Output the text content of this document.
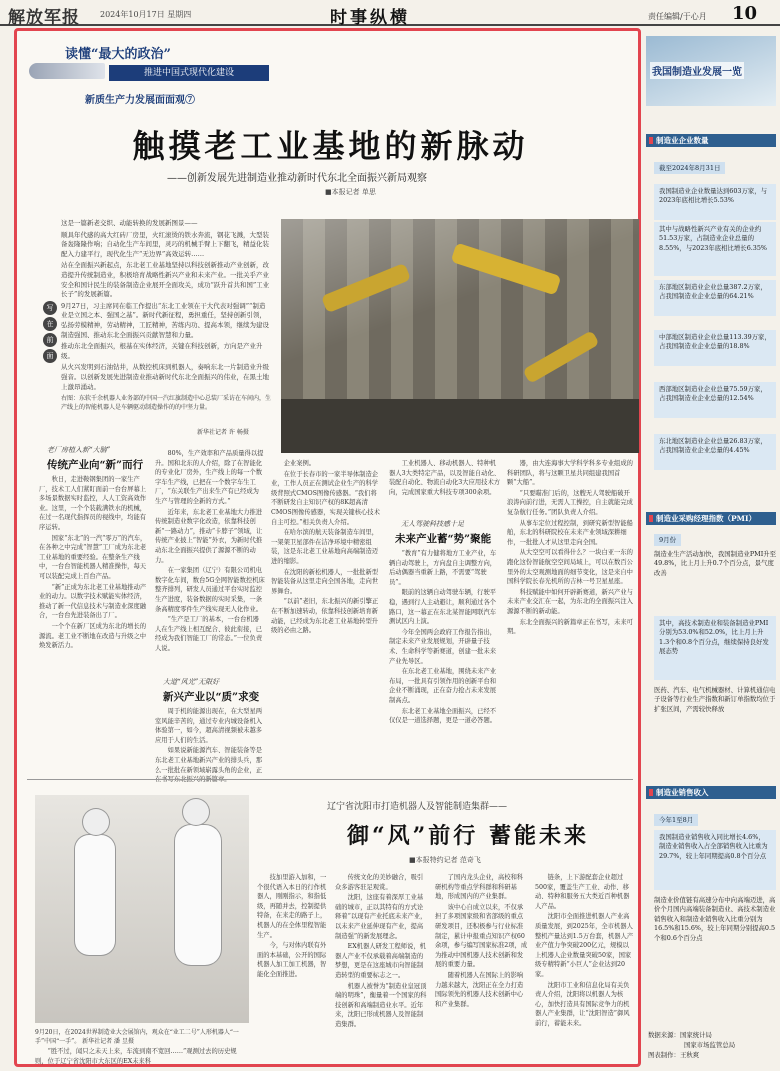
解放军报	2024年10月17日 星期四	时事纵横	责任编辑/于心月 10
读懂“最大的政治”
推进中国式现代化建设
新质生产力发展面面观⑦
触摸老工业基地的新脉动
——创新发展先进制造业推动新时代东北全面振兴新局观察
■本报记者 单思
写
在
前
面

这是一篇新老交织、动能转换的发展新图景——

顺具年代感的高大红砖厂房里，火红滚烫的铁水奔流，钢花飞溅，大型装备轰隆隆作响；自动化生产车间里，灵巧的机械手臂上下翻飞，精益化装配入力建平行，现代化生产“无边界”高效运转……

站在全面振兴新起点，东北老工业基地坚持以科技创新推动产业创新，改造提升传统制造业，积极培育战略性新兴产业和未来产业。一批关乎产业安全和国计民生的装备制造企业展开全面攻关，成功“跃升首共和国”工业长子”的发展新篇。

9月27日，习主席同在临工作提出“东北工业领在干大代表对强调”“制造业是立国之本、强国之基”。新时代新征程，勇担重任，坚持创新引领，弘扬劳模精神，劳动精神，工匠精神，苦练内功、提高本领，继续为建设制造强国、推动东北全面振兴贡献智慧和力量。

推动东北全面振兴，根基在实体经济，关键在科技创新，方向是产业升级。

从火兴发明到石油钻井，从数控机床到机器人，奏响东北一片制造业升级强音。以创新发展先进制造业推动新时代东北全面振兴的伟业，在黑土地上激昂涌动。

右图：东软千余机器人业务部的中国一汽红旗制造中心总装厂采访在车间内，生产线上的智能机器人是车辆驱动制造操作的的中坚力量。
新华社记者 许 畅摄
老厂房植入新“大脑”
传统产业向“新”而行

秋日，走进鞍钢集团的一家生产厂，技术工人们紧盯面前一台台屏幕上多场景数据实时监控，人人工资高效作业。这里，一个个装载满铁水的机械，在过一名现代指挥员的视线中，均能有序运转。

国家“东北”的一汽“零万”的汽车，在各种之中完成“智慧”工厂成为东北老工业基地的重要经验。在整条生产线中，一台台智能机器人精准操作，每天可以装配完成上百台产品。

“新”正成为东北老工业基地推动产业的动力。以数字技术赋能实体经济，推动了新一代信息技术与制造业深度融合，一台台先进装备出了厂。

一个个在新厂区成为东北的增长的源流。老工业不断地在改造与升级之中焕发新活力。

80%，生产效率和产品质量得以提升。国和北东的人介绍，除了在智能化的专业化厂房外，生产线上的每一个数字车生产线，已把在一个数字车生工厂，“东关联生产出来生产有已经成为生产与管理的全新的方式。”

近年来，东北老工业基地大力推进传统制造业数字化改造，依靠科技创新“一路动力”，推动“卡脖子”领域，让传统产业披上“智能”外衣，为新时代推动东北全面振兴提供了源源不断的动力。

在一家集团（辽宁）有限公司机电数字化车间，数台5G全网智能数控机床整齐排列，研发人员通过平台实时监控生产进度，装备数据的实时采集，一条条高精度零件生产线实现无人化作业。

“生产是工厂的基本，一台台机器人在生产线上相互配合、彼此衔接，已经成为我们智能工厂的常态。”一位负责人说。

大道“风光”无限好
新兴产业以“质”求变

周于机的能源出现在，在大型星两室风能辛苦的，通过专业内城设备机入体验第一，如今，超高清视频被未越多应用于人们的生活。

如果说新能源汽车、智能装备等是东北老工业基地新兴产业的排头兵，那么一批批在新领域崭露头角的企业，正

企业案例。

在位于长春市的一家半导体制造企业，工作人员正在测试企业生产的科学级背照式CMOS图像传感器。“我们将不断研发自主知识产权的8K超高清CMOS图像传感器，实现关键核心技术自主可控。”相关负责人介绍。

在哈尔滨的航天装备制造车间里，一架架卫星部件在洁净环境中精密组装，这是东北老工业基地向高端制造迈进的缩影。

在沈阳的新松机器人，一批批新型智能装备从这里走向全国各地，走向世界舞台。

“以前”老旧，东北振兴的新引擎正在不断加速转动，依靠科技创新培育新动能，已经成为东北老工业基地转型升级的必由之路。

工业机器人、移动机器人、特种机器人3大类特定产品，以及智能自动化、装配自动化、物流自动化3大应用技术方向，完成国家重大科技专项300余项。

无人驾驶科技感十足
未来产业蓄“势”聚能

“教育”有力健将地方工业产业，车辆自动驾驶上，方向盘自主调整方向，后动偶器当重新上路，不需要“驾驶员”。

眼前的这辆自动驾驶车辆，行驶平稳，遇到行人主动避让，顺利通过各个路口，这一幕正在东北某智能网联汽车测试区内上演。

今年全国两会政府工作报告指出，制定未来产业发展规划，开辟量子技术、生命科学等新赛道，创建一批未来产业先导区。

在东北老工业基地，围绕未来产业布局，一批具有引领作用的创新平台和企业不断涌现，正在奋力抢占未来发展制高点。

东北老工业基地全面振兴，已经不仅仅是一道选择题，更是一道必答题。

器，由大连海事大学科学科多专业组成的科研团队，将与这颗卫星共同组建我国首颗“大船”。

“只要瞄准门后的，这艘无人驾驶船破开浪涛向前行进，无需人工操控，自主就能完成复杂航行任务。”团队负责人介绍。

从事车定位过程控制，到研究新型智能船舶，东北的科研院校在未来产业领域深耕细作，一批批人才从这里走向全国。

从大空空可以看得什么？一块白亚一东的跑化这份智能航空空间局域上，可以在数百公里外的太空观测地面的细节变化，这是来自中国科学院长春光机所的吉林一号卫星星座。

科技赋能中如何开辟新赛道，新兴产业与未来产业交汇在一起，为东北的全面振兴注入源源不断的新动能。

东北全面振兴的新篇章正在书写，未来可期。

9月20日，在2024世界制造业大会展馆内，观众在“业工二号”人形机器人“一手”中国“一手”。 新华社记者 潘 昱摄
辽宁省沈阳市打造机器人及智能制造集群——
御“风”前行 蓄能未来
■本报特约记者 范奇飞

技加里游入加和，一个很代语入本日的行作机器人，刚刚指示，和指低级，再随并去，控制提供特备，在来走的路子上，机器人的在全体里程智能生产。

今，与对体内联有外面的本基础，公开的国际机器人加工加工机器，智能化全面推进。

传统文化的美妙融合，吸引众多游客驻足观赏。

沈阳，这座有着深厚工业基础的城市，正以其特有的方式诠释着“以现有产业托底未来产业，以未来产业延伸现有产业，提高制造强”的新发展理念。

EX机器人研发工程师说，机器人产业不仅承载着高端制造的梦想，更是在这座城市向智能制造转型的重要标志之一。

机器人被誉为“制造业皇冠顶端的明珠”，衡量着一个国家的科技创新和高端制造业水平。近年来，沈阳已形成机器人及智能制造集群。

了国内龙头企业，高校和科研机构等重点学科群和科研基地，形成国内的产业集群。

该中心自成立以来，不仅承担了多项国家级和省部级的重点研发项目，还积极参与行业标准制定，累计申报重点知识产权60余项，参与编写国家标准2项，成为推动中国机器人技术创新和发展的重要力量。

随着机器人在国际上的影响力越来越大，沈阳正在全力打造国际领先的机器人技术创新中心和产业集群。

链条，上下游配套企业超过500家，覆盖生产工业、动作、移动、特种和服务五大类近百种机器人产品。

沈阳市全面推进机器人产业高质量发展，到2025年，全市机器人整机产量达到1.5万台套，机器人产业产值力争突破200亿元，规模以上机器人企业数量突破50家，国家级专精特新“小巨人”企业达到20家。

沈阳市工业和信息化局有关负责人介绍，沈阳将以机器人为核心，加快打造具有国际竞争力的机器人产业集群，让“沈阳智造”御风前行，蓄能未来。

“胜不过，闻只之未天上来，车流到南不宽回……”观测过去的历史规则，位于辽宁省沈阳市大东区的EX未来科

我国制造业发展一览
制造业企业数量
截至2024年8月31日
我国制造业企业数量达到603万家，与2023年底相比增长5.53%
其中与战略性新兴产业有关的企业约51.53万家，占制造业企业总量的8.55%，与2023年底相比增长6.35%
东部地区制造业企业总量387.2万家，占我国制造业企业总量的64.21%
中部地区制造业企业总量113.39万家，占我国制造业企业总量的18.8%
西部地区制造业企业总量75.59万家，占我国制造业企业总量的12.54%
东北地区制造业企业总量26.83万家，占我国制造业企业总量的4.45%
制造业采购经理指数（PMI）
9月份
制造业生产活动加快，我国制造业PMI升至49.8%，比上月上升0.7个百分点，景气度改善
其中，高技术制造业和装备制造业PMI分别为53.0%和52.0%，比上月上升1.3个和0.8个百分点，继续保持良好发展态势
医药、汽车、电气机械器材、计算机通信电子设备等行业生产指数和新订单指数均位于扩张区间，产需较快释放
制造业销售收入
今年1至8月
我国制造业销售收入同比增长4.6%，制造业销售收入占全部销售收入比重为29.7%，较上年同期提高0.8个百分点
制造业价值链有高速分布中向高端迈进，高价个月国内高端装备制造业、高技术制造业销售收入和制造业销售收入比重分别为16.5%和15.6%，较上年同期分别提高0.5个和0.6个百分点
数据来源：国家统计局
国家市场监管总局
图表制作：王秋爽
